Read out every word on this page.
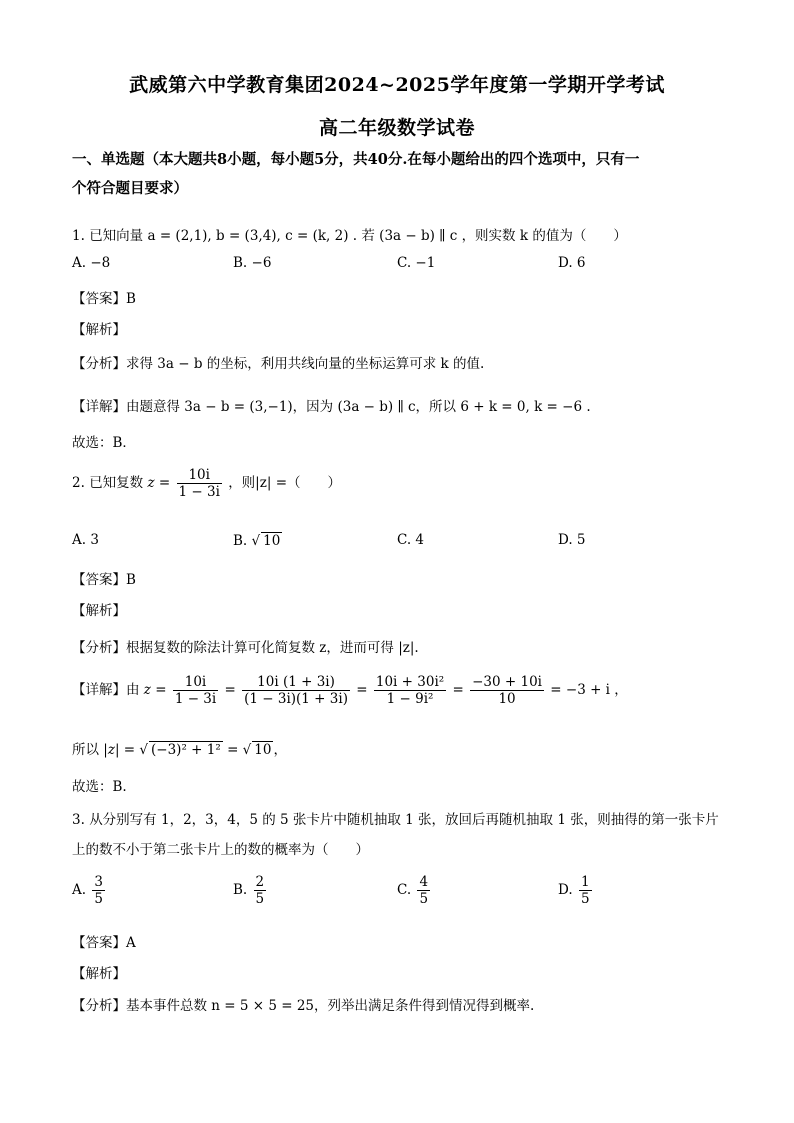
武威第六中学教育集团2024~2025学年度第一学期开学考试
高二年级数学试卷
一、单选题（本大题共8小题，每小题5分，共40分.在每小题给出的四个选项中，只有一
个符合题目要求）
1. 已知向量 a = (2,1), b = (3,4), c = (k, 2) . 若 (3a − b) ∥ c ，则实数 k 的值为（　　）
A. −8	B. −6	C. −1	D. 6
【答案】B
【解析】
【分析】求得 3a − b 的坐标，利用共线向量的坐标运算可求 k 的值.
【详解】由题意得 3a − b = (3,−1)，因为 (3a − b) ∥ c，所以 6 + k = 0, k = −6 .
故选：B．
2. 已知复数 $z = \frac{10i}{1 - 3i}$ ，则|z| =（　　）
A. 3	B. √ 10	C. 4	D. 5
【答案】B
【解析】
【分析】根据复数的除法计算可化简复数 z，进而可得 |z|.
【详解】由 $z = \frac{10i}{1 - 3i} = \frac{10i (1 + 3i)}{(1 - 3i)(1 + 3i)} = \frac{\text{10i + 30i²}}{\text{1 − 9i²}} = \frac{-30 + 10i}{10} = -3 + i$ ，
所以 |z| = √ (−3)² + 1² = √ 10 ，
故选：B.
3. 从分别写有 1，2，3，4，5 的 5 张卡片中随机抽取 1 张，放回后再随机抽取 1 张，则抽得的第一张卡片
上的数不小于第二张卡片上的数的概率为（　　）
A. $\frac{3}{5}$	B. $\frac{2}{5}$	C. $\frac{4}{5}$	D. $\frac{1}{5}$
【答案】A
【解析】
【分析】基本事件总数 n = 5 × 5 = 25，列举出满足条件得到情况得到概率.
